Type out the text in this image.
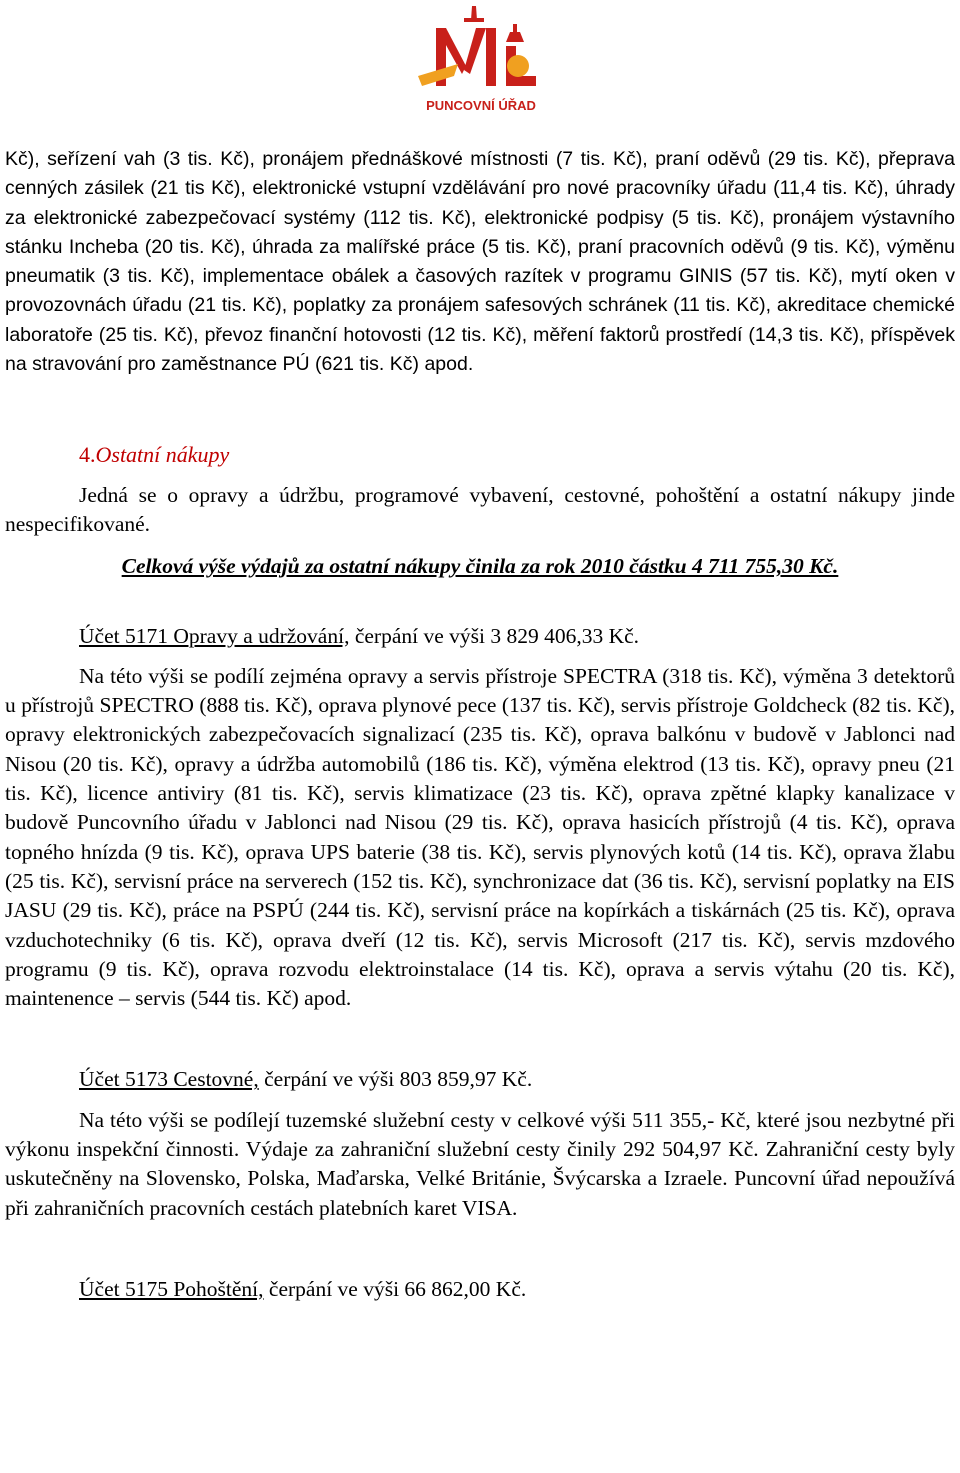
PUNCOVNÍ ÚŘAD

Kč), seřízení vah (3 tis. Kč), pronájem přednáškové místnosti (7 tis. Kč), praní oděvů (29 tis. Kč), přeprava cenných zásilek (21 tis Kč), elektronické vstupní vzdělávání pro nové pracovníky úřadu (11,4 tis. Kč), úhrady za elektronické zabezpečovací systémy (112 tis. Kč), elektronické podpisy (5 tis. Kč), pronájem výstavního stánku Incheba (20 tis. Kč), úhrada za malířské práce (5 tis. Kč), praní pracovních oděvů (9 tis. Kč), výměnu pneumatik (3 tis. Kč), implementace obálek a časových razítek v programu GINIS (57 tis. Kč), mytí oken v provozovnách úřadu (21 tis. Kč), poplatky za pronájem safesových schránek (11 tis. Kč), akreditace chemické laboratoře (25 tis. Kč), převoz finanční hotovosti (12 tis. Kč), měření faktorů prostředí (14,3 tis. Kč), příspěvek na stravování pro zaměstnance PÚ (621 tis. Kč) apod.

4.Ostatní nákupy

Jedná se o opravy a údržbu, programové vybavení, cestovné, pohoštění a ostatní nákupy jinde nespecifikované.

Celková výše výdajů za ostatní nákupy činila za rok 2010 částku 4 711 755,30 Kč.

Účet 5171 Opravy a udržování, čerpání ve výši 3 829 406,33 Kč.

Na této výši se podílí zejména opravy a servis přístroje SPECTRA (318 tis. Kč), výměna 3 detektorů u přístrojů SPECTRO (888 tis. Kč), oprava plynové pece (137 tis. Kč), servis přístroje Goldcheck (82 tis. Kč), opravy elektronických zabezpečovacích signalizací (235 tis. Kč), oprava balkónu v budově v Jablonci nad Nisou (20 tis. Kč), opravy a údržba automobilů (186 tis. Kč), výměna elektrod (13 tis. Kč), opravy pneu (21 tis. Kč), licence antiviry (81 tis. Kč), servis klimatizace (23 tis. Kč), oprava zpětné klapky kanalizace v budově Puncovního úřadu v Jablonci nad Nisou (29 tis. Kč), oprava hasicích přístrojů (4 tis. Kč), oprava topného hnízda (9 tis. Kč), oprava UPS baterie (38 tis. Kč), servis plynových kotů (14 tis. Kč), oprava žlabu (25 tis. Kč), servisní práce na serverech (152 tis. Kč), synchronizace dat (36 tis. Kč), servisní poplatky na EIS JASU (29 tis. Kč), práce na PSPÚ (244 tis. Kč), servisní práce na kopírkách a tiskárnách (25 tis. Kč), oprava vzduchotechniky (6 tis. Kč), oprava dveří (12 tis. Kč), servis Microsoft (217 tis. Kč), servis mzdového programu (9 tis. Kč), oprava rozvodu elektroinstalace (14 tis. Kč), oprava a servis výtahu (20 tis. Kč), maintenence – servis (544 tis. Kč) apod.

Účet 5173 Cestovné, čerpání ve výši 803 859,97 Kč.

Na této výši se podílejí tuzemské služební cesty v celkové výši 511 355,- Kč, které jsou nezbytné při výkonu inspekční činnosti. Výdaje za zahraniční služební cesty činily 292 504,97 Kč. Zahraniční cesty byly uskutečněny na Slovensko, Polska, Maďarska, Velké Británie, Švýcarska a Izraele. Puncovní úřad nepoužívá při zahraničních pracovních cestách platebních karet VISA.

Účet 5175 Pohoštění, čerpání ve výši 66 862,00 Kč.
